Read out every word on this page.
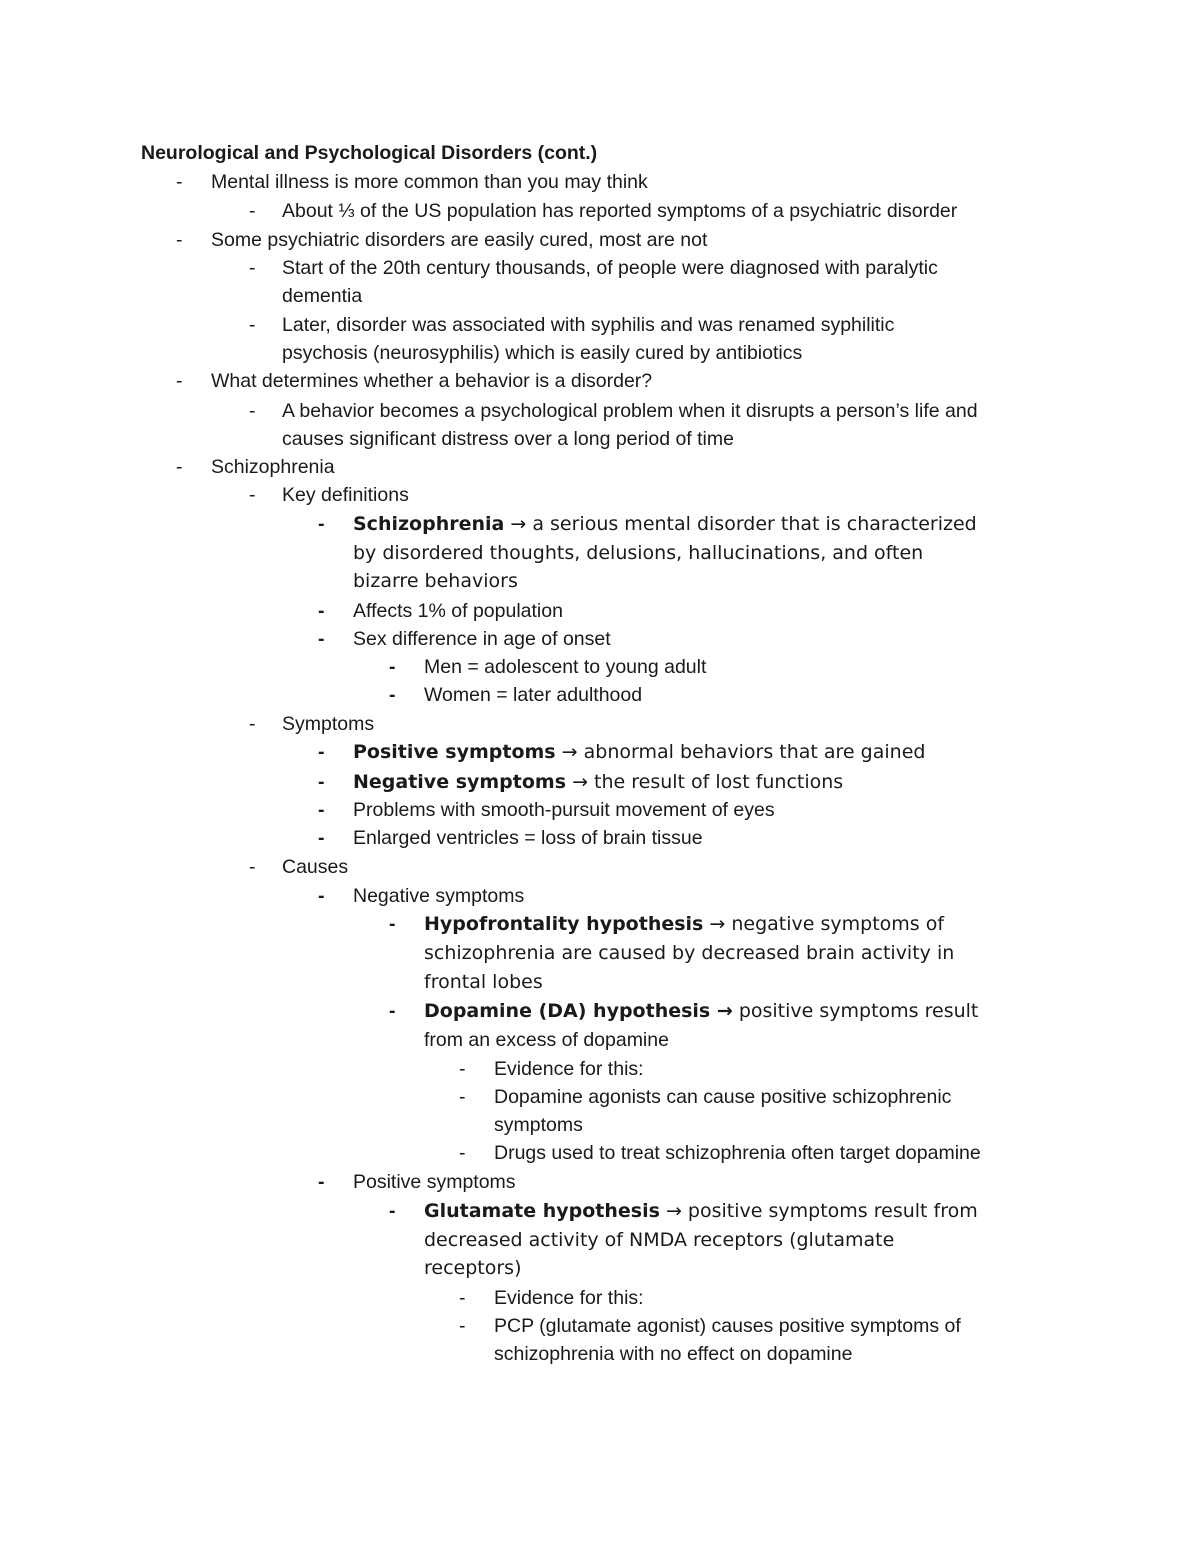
Neurological and Psychological Disorders (cont.)
- Mental illness is more common than you may think
- About ⅓ of the US population has reported symptoms of a psychiatric disorder
- Some psychiatric disorders are easily cured, most are not
- Start of the 20th century thousands, of people were diagnosed with paralytic
dementia
- Later, disorder was associated with syphilis and was renamed syphilitic
psychosis (neurosyphilis) which is easily cured by antibiotics
- What determines whether a behavior is a disorder?
- A behavior becomes a psychological problem when it disrupts a person’s life and
causes significant distress over a long period of time
- Schizophrenia
- Key definitions
- Schizophrenia → a serious mental disorder that is characterized
by disordered thoughts, delusions, hallucinations, and often
bizarre behaviors
- Affects 1% of population
- Sex difference in age of onset
- Men = adolescent to young adult
- Women = later adulthood
- Symptoms
- Positive symptoms → abnormal behaviors that are gained
- Negative symptoms → the result of lost functions
- Problems with smooth-pursuit movement of eyes
- Enlarged ventricles = loss of brain tissue
- Causes
- Negative symptoms
- Hypofrontality hypothesis → negative symptoms of
schizophrenia are caused by decreased brain activity in
frontal lobes
- Dopamine (DA) hypothesis → positive symptoms result
from an excess of dopamine
- Evidence for this:
- Dopamine agonists can cause positive schizophrenic
symptoms
- Drugs used to treat schizophrenia often target dopamine
- Positive symptoms
- Glutamate hypothesis → positive symptoms result from
decreased activity of NMDA receptors (glutamate
receptors)
- Evidence for this:
- PCP (glutamate agonist) causes positive symptoms of
schizophrenia with no effect on dopamine
